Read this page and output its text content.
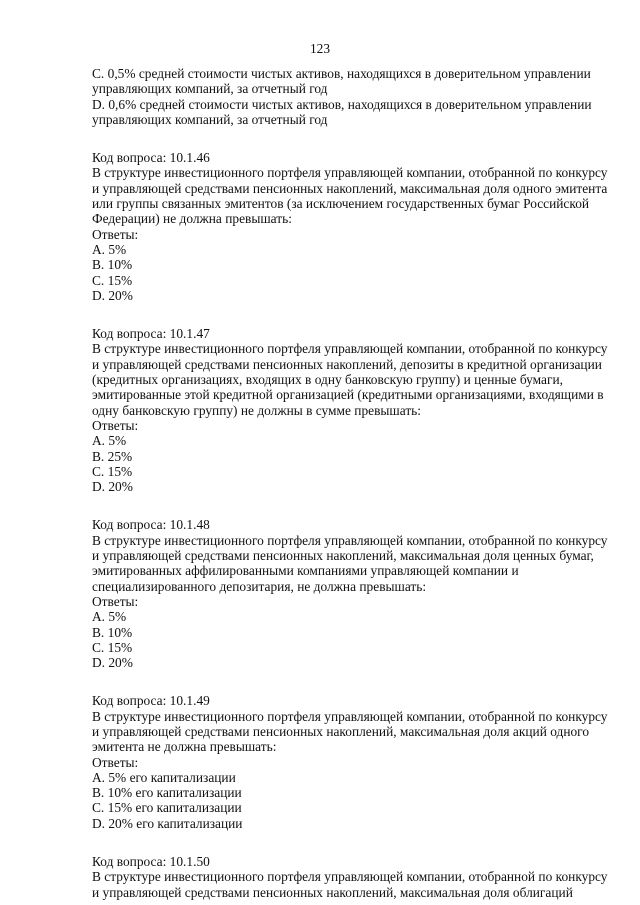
123
C. 0,5% средней стоимости чистых активов, находящихся в доверительном управлении
управляющих компаний, за отчетный год
D. 0,6% средней стоимости чистых активов, находящихся в доверительном управлении
управляющих компаний, за отчетный год
Код вопроса: 10.1.46
В структуре инвестиционного портфеля управляющей компании, отобранной по конкурсу
и управляющей средствами пенсионных накоплений, максимальная доля одного эмитента
или группы связанных эмитентов (за исключением государственных бумаг Российской
Федерации) не должна превышать:
Ответы:
A. 5%
B. 10%
C. 15%
D. 20%
Код вопроса: 10.1.47
В структуре инвестиционного портфеля управляющей компании, отобранной по конкурсу
и управляющей средствами пенсионных накоплений, депозиты в кредитной организации
(кредитных организациях, входящих в одну банковскую группу) и ценные бумаги,
эмитированные этой кредитной организацией (кредитными организациями, входящими в
одну банковскую группу) не должны в сумме превышать:
Ответы:
A. 5%
B. 25%
C. 15%
D. 20%
Код вопроса: 10.1.48
В структуре инвестиционного портфеля управляющей компании, отобранной по конкурсу
и управляющей средствами пенсионных накоплений, максимальная доля ценных бумаг,
эмитированных аффилированными компаниями управляющей компании и
специализированного депозитария, не должна превышать:
Ответы:
A. 5%
B. 10%
C. 15%
D. 20%
Код вопроса: 10.1.49
В структуре инвестиционного портфеля управляющей компании, отобранной по конкурсу
и управляющей средствами пенсионных накоплений, максимальная доля акций одного
эмитента не должна превышать:
Ответы:
A. 5% его капитализации
B. 10% его капитализации
C. 15% его капитализации
D. 20% его капитализации
Код вопроса: 10.1.50
В структуре инвестиционного портфеля управляющей компании, отобранной по конкурсу
и управляющей средствами пенсионных накоплений, максимальная доля облигаций
